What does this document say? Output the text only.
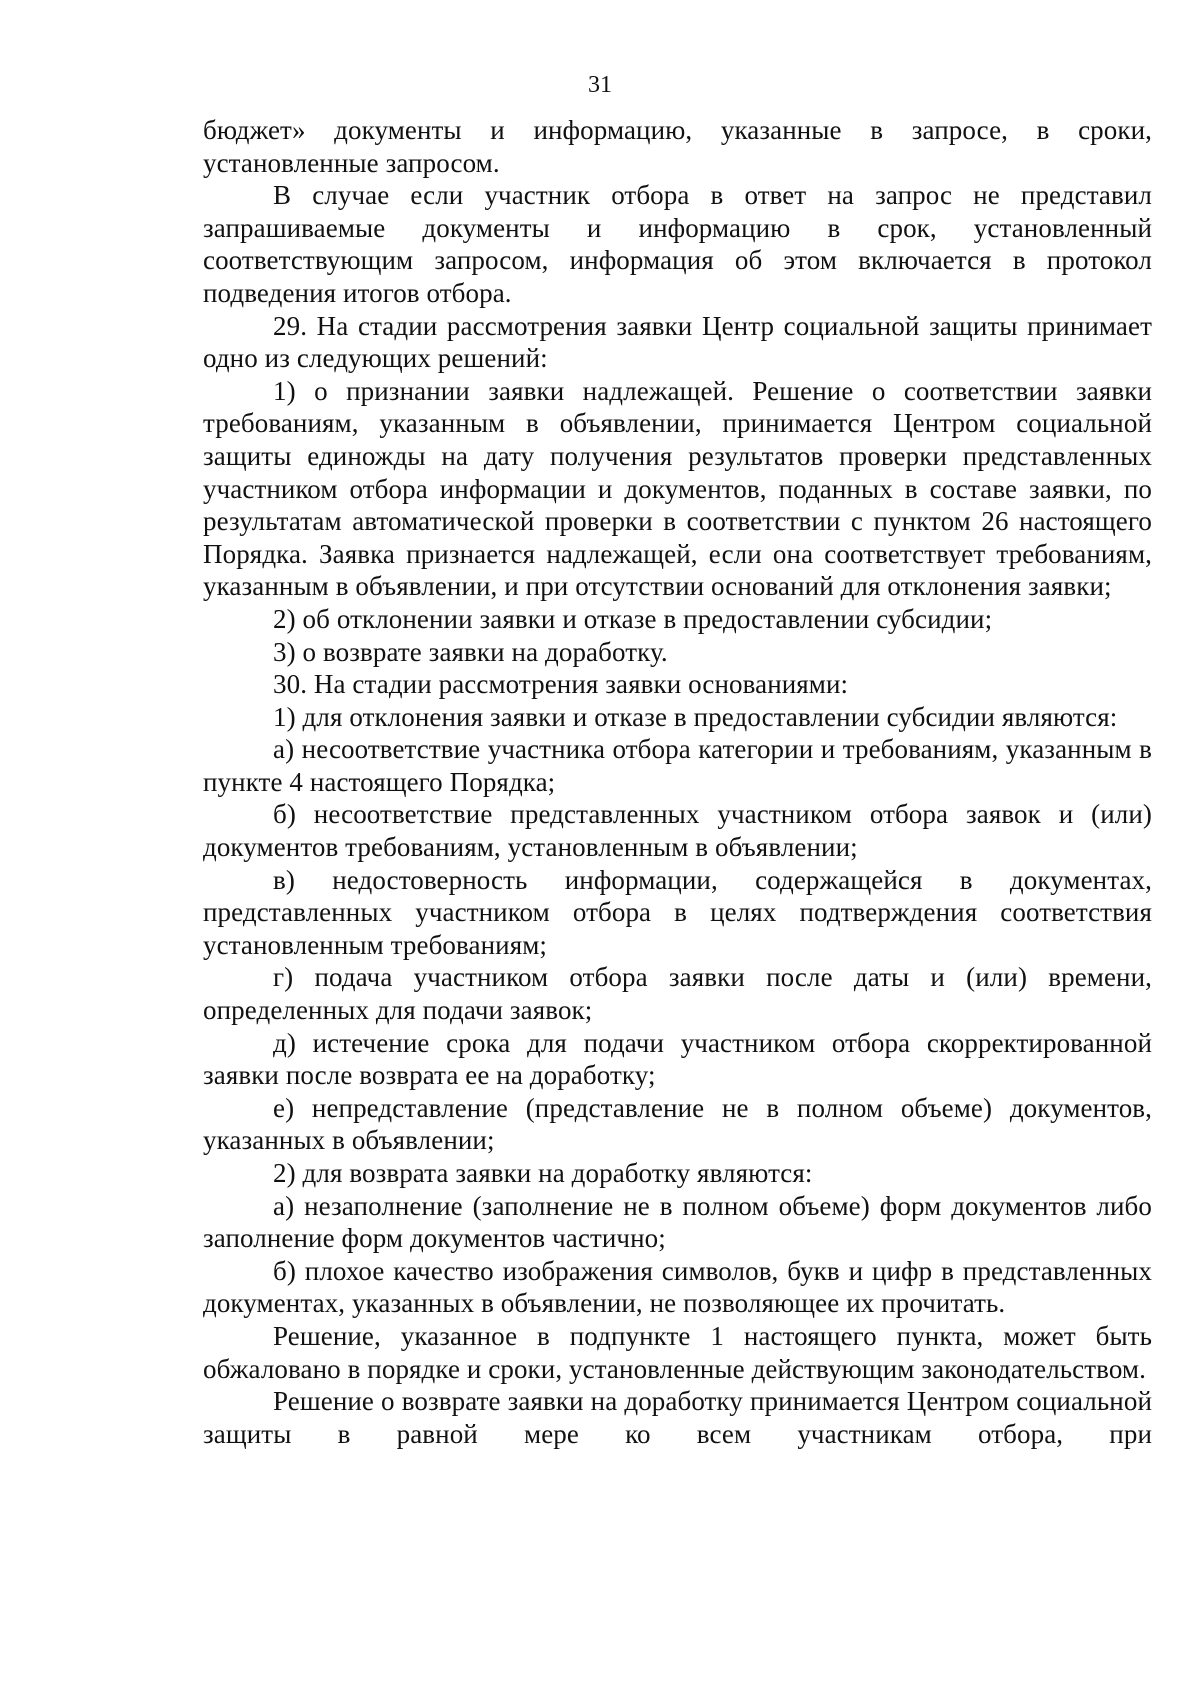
31

бюджет» документы и информацию, указанные в запросе, в сроки, установленные запросом.

В случае если участник отбора в ответ на запрос не представил запрашиваемые документы и информацию в срок, установленный соответствующим запросом, информация об этом включается в протокол подведения итогов отбора.

29. На стадии рассмотрения заявки Центр социальной защиты принимает одно из следующих решений:

1) о признании заявки надлежащей. Решение о соответствии заявки требованиям, указанным в объявлении, принимается Центром социальной защиты единожды на дату получения результатов проверки представленных участником отбора информации и документов, поданных в составе заявки, по результатам автоматической проверки в соответствии с пунктом 26 настоящего Порядка. Заявка признается надлежащей, если она соответствует требованиям, указанным в объявлении, и при отсутствии оснований для отклонения заявки;

2) об отклонении заявки и отказе в предоставлении субсидии;

3) о возврате заявки на доработку.

30. На стадии рассмотрения заявки основаниями:

1) для отклонения заявки и отказе в предоставлении субсидии являются:

а) несоответствие участника отбора категории и требованиям, указанным в пункте 4 настоящего Порядка;

б) несоответствие представленных участником отбора заявок и (или) документов требованиям, установленным в объявлении;

в) недостоверность информации, содержащейся в документах, представленных участником отбора в целях подтверждения соответствия установленным требованиям;

г) подача участником отбора заявки после даты и (или) времени, определенных для подачи заявок;

д) истечение срока для подачи участником отбора скорректированной заявки после возврата ее на доработку;

е) непредставление (представление не в полном объеме) документов, указанных в объявлении;

2) для возврата заявки на доработку являются:

а) незаполнение (заполнение не в полном объеме) форм документов либо заполнение форм документов частично;

б) плохое качество изображения символов, букв и цифр в представленных документах, указанных в объявлении, не позволяющее их прочитать.

Решение, указанное в подпункте 1 настоящего пункта, может быть обжаловано в порядке и сроки, установленные действующим законодательством.

Решение о возврате заявки на доработку принимается Центром социальной защиты в равной мере ко всем участникам отбора, при
